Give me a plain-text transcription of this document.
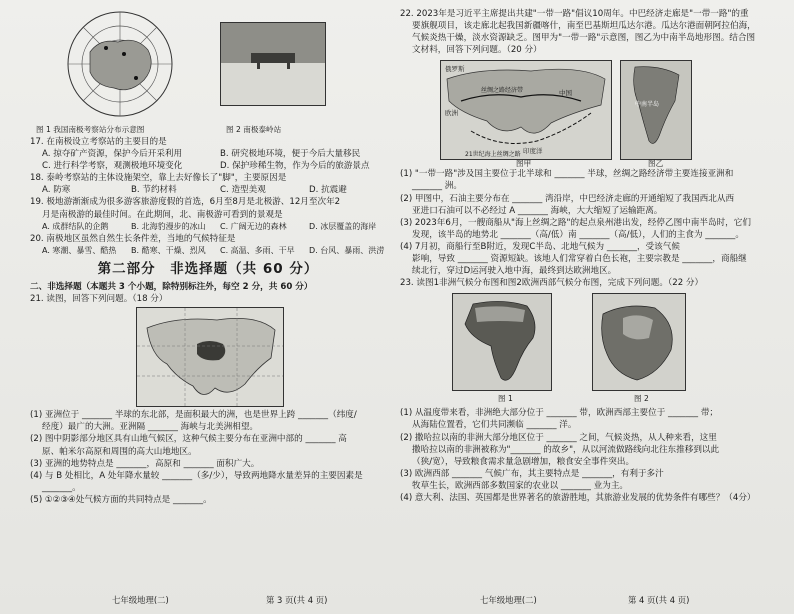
图 1 我国南极考察站分布示意图	图 2 南极泰岭站
17. 在南极设立考察站的主要目的是
A. 掠夺矿产资源，保护今后开采利用	B. 研究极地环境，便于今后大量移民
C. 进行科学考察，观测极地环境变化	D. 保护珍稀生物，作为今后的旅游景点
18. 泰岭考察站的主体设施架空，靠上去好像长了"脚"，主要原因是
A. 防寒	B. 节约材料	C. 造型美观	D. 抗震避
19. 极地游渐渐成为很多游客旅游度假的首选，6月至8月是北极游、12月至次年2
月是南极游的最佳时间。在此期间，北、南极游可看到的景观是
A. 成群结队的企鹅	B. 北海豹漫步的冰山	C. 广阔无边的森林	D. 冰层覆盖的海岸
20. 南极地区虽然自然生长条件差，当地的气候特征是
A. 寒潮、暴雪、酷热	B. 酷寒、干燥、烈风	C. 高温、多雨、干早	D. 台风、暴雨、洪涝
第二部分　非选择题（共 60 分）
二、非选择题（本题共 3 个小题，除特别标注外，每空 2 分，共 60 分）
21. 读图，回答下列问题。（18 分）
(1) 亚洲位于 _______ 半球的东北部，是面积最大的洲，也是世界上跨 _______（纬度/
经度）最广的大洲。亚洲隔 _______ 海峡与北美洲相望。
(2) 图中阴影部分地区具有山地气候区，这种气候主要分布在亚洲中部的 _______ 高
原、帕米尔高原和周围的高大山地地区。
(3) 亚洲的地势特点是 _______，高原和 _______ 面积广大。
(4) 与 B 处相比，A 处年降水量较 _______（多/少），导致两地降水量差异的主要因素是
_______。
(5) ①②③④处气候方面的共同特点是 _______。
七年级地理(二)	第 3 页(共 4 页)
22. 2023年是习近平主席提出共建"一带一路"倡议10周年。中巴经济走廊是"一带一路"的重
要旗舰项目，该走廊北起我国新疆喀什，南至巴基斯坦瓜达尔港。瓜达尔港面朝阿拉伯海，
气候炎热干燥，淡水资源缺乏。图甲为"一带一路"示意图，图乙为中南半岛地形图。结合图
文材料，回答下列问题。（20 分）
俄罗斯
欧洲
中国
印度洋
丝绸之路经济带
21世纪海上丝绸之路
中南半岛
图甲	图乙
(1) "一带一路"涉及国主要位于北半球和 _______ 半球，丝绸之路经济带主要连接亚洲和
_______ 洲。
(2) 甲图中，石油主要分布在 _______ 湾沿岸，中巴经济走廊的开通缩短了我国西北从西
亚进口石油可以不必经过 A _______ 海峡，大大缩短了运输距离。
(3) 2023年6月，一艘商船从"海上丝绸之路"的起点泉州港出发，经停乙图中南半岛时，它们
发现，该半岛的地势北 _______（高/低）南 _______（高/低），人们的主食为 _______。
(4) 7月初，商船行至B附近，发现C半岛、北地气候为 _______，受该气候
影响，导致 _______ 资源短缺。该地人们常穿着白色长袍，主要宗教是 _______，商船继
续北行，穿过D运河驶入地中海，最终到达欧洲地区。
23. 读图1非洲气候分布图和图2欧洲西部气候分布图，完成下列问题。（22 分）
图 1	图 2
(1) 从温度带来看，非洲绝大部分位于 _______ 带，欧洲西部主要位于 _______ 带；
从海陆位置看，它们共同濒临 _______ 洋。
(2) 撒哈拉以南的非洲大部分地区位于 _______ 之间，气候炎热，从人种来看，这里
撒哈拉以南的非洲被称为"_______ 的故乡"，从以河流做路线向北往东推移到以此
（狭/宽），导致粮食需求量急剧增加，粮食安全事件突出。
(3) 欧洲西部 _______ 气候广布，其主要特点是 _______，有利于多汁
牧草生长，欧洲西部多数国家的农业以 _______ 业为主。
(4) 意大利、法国、英国都是世界著名的旅游胜地，其旅游业发展的优势条件有哪些？（4分）
七年级地理(二)	第 4 页(共 4 页)
